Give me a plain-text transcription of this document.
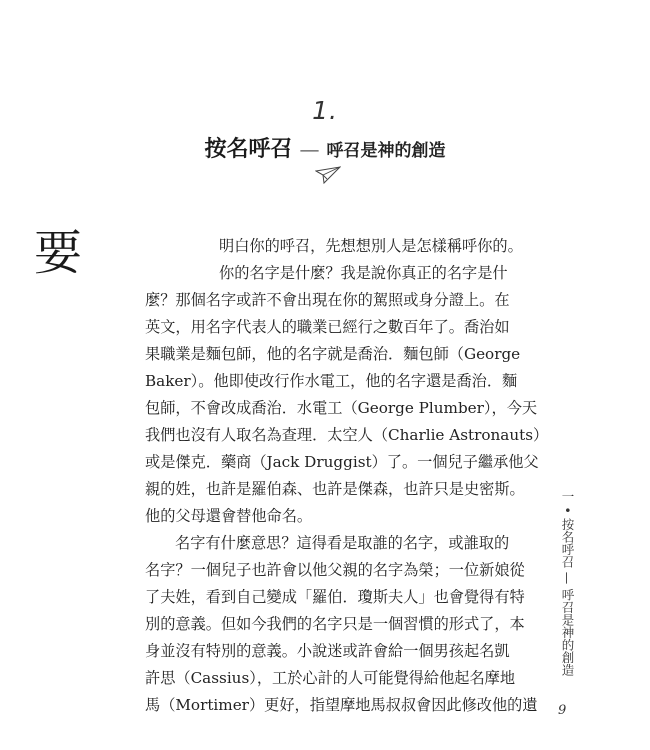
1.
按名呼召 — 呼召是神的創造
要	明白你的呼召，先想想別人是怎樣稱呼你的。
你的名字是什麼？我是說你真正的名字是什
麼？那個名字或許不會出現在你的駕照或身分證上。在
英文，用名字代表人的職業已經行之數百年了。喬治如
果職業是麵包師，他的名字就是喬治．麵包師（George
Baker）。他即使改行作水電工，他的名字還是喬治．麵
包師，不會改成喬治．水電工（George Plumber），今天
我們也沒有人取名為查理．太空人（Charlie Astronauts）
或是傑克．藥商（Jack Druggist）了。一個兒子繼承他父
親的姓，也許是羅伯森、也許是傑森，也許只是史密斯。
他的父母還會替他命名。
名字有什麼意思？這得看是取誰的名字，或誰取的
名字？一個兒子也許會以他父親的名字為榮；一位新娘從
了夫姓，看到自己變成「羅伯．瓊斯夫人」也會覺得有特
別的意義。但如今我們的名字只是一個習慣的形式了，本
身並沒有特別的意義。小說迷或許會給一個男孩起名凱
許思（Cassius），工於心計的人可能覺得給他起名摩地
馬（Mortimer）更好，指望摩地馬叔叔會因此修改他的遺
一 • 按名呼召 — 呼召是神的創造
9
